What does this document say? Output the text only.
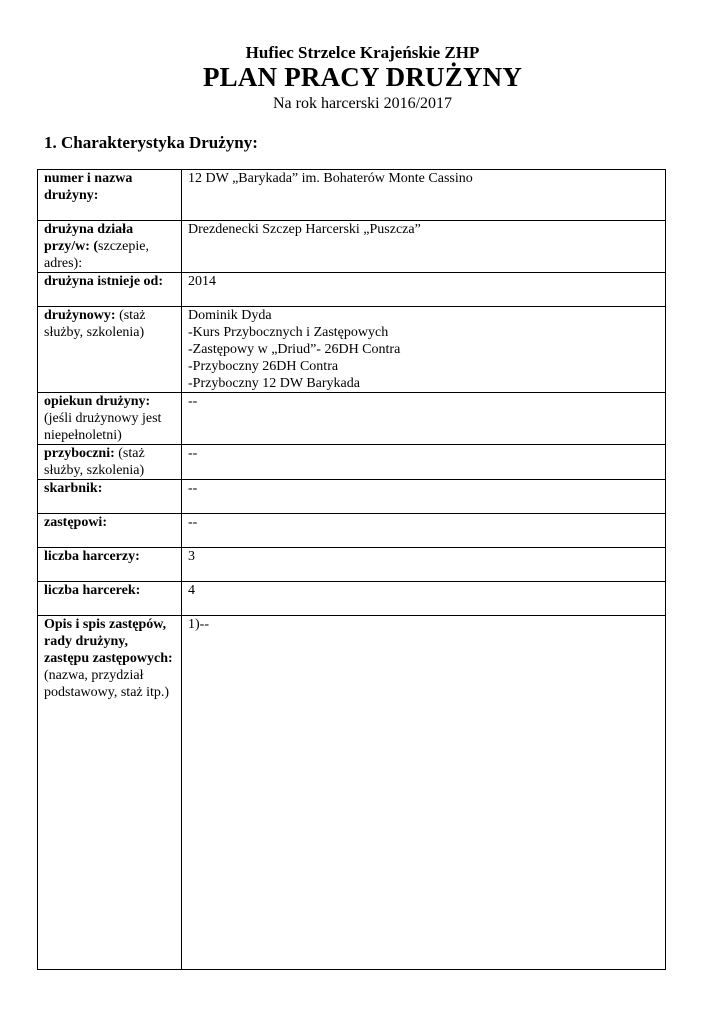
Hufiec Strzelce Krajeńskie ZHP
PLAN PRACY DRUŻYNY
Na rok harcerski 2016/2017
1. Charakterystyka Drużyny:
numer i nazwa drużyny:	12 DW „Barykada” im. Bohaterów Monte Cassino

drużyna działa przy/w: (szczepie, adres):	Drezdenecki Szczep Harcerski „Puszcza”

drużyna istnieje od:	2014

drużynowy: (staż służby, szkolenia)	Dominik Dyda
-Kurs Przybocznych i Zastępowych
-Zastępowy w „Driud”- 26DH Contra
-Przyboczny 26DH Contra
-Przyboczny 12 DW Barykada

opiekun drużyny: (jeśli drużynowy jest niepełnoletni)	--

przyboczni: (staż służby, szkolenia)	--

skarbnik:	--

zastępowi:	--

liczba harcerzy:	3

liczba harcerek:	4

Opis i spis zastępów, rady drużyny, zastępu zastępowych: (nazwa, przydział podstawowy, staż itp.)	1)--
